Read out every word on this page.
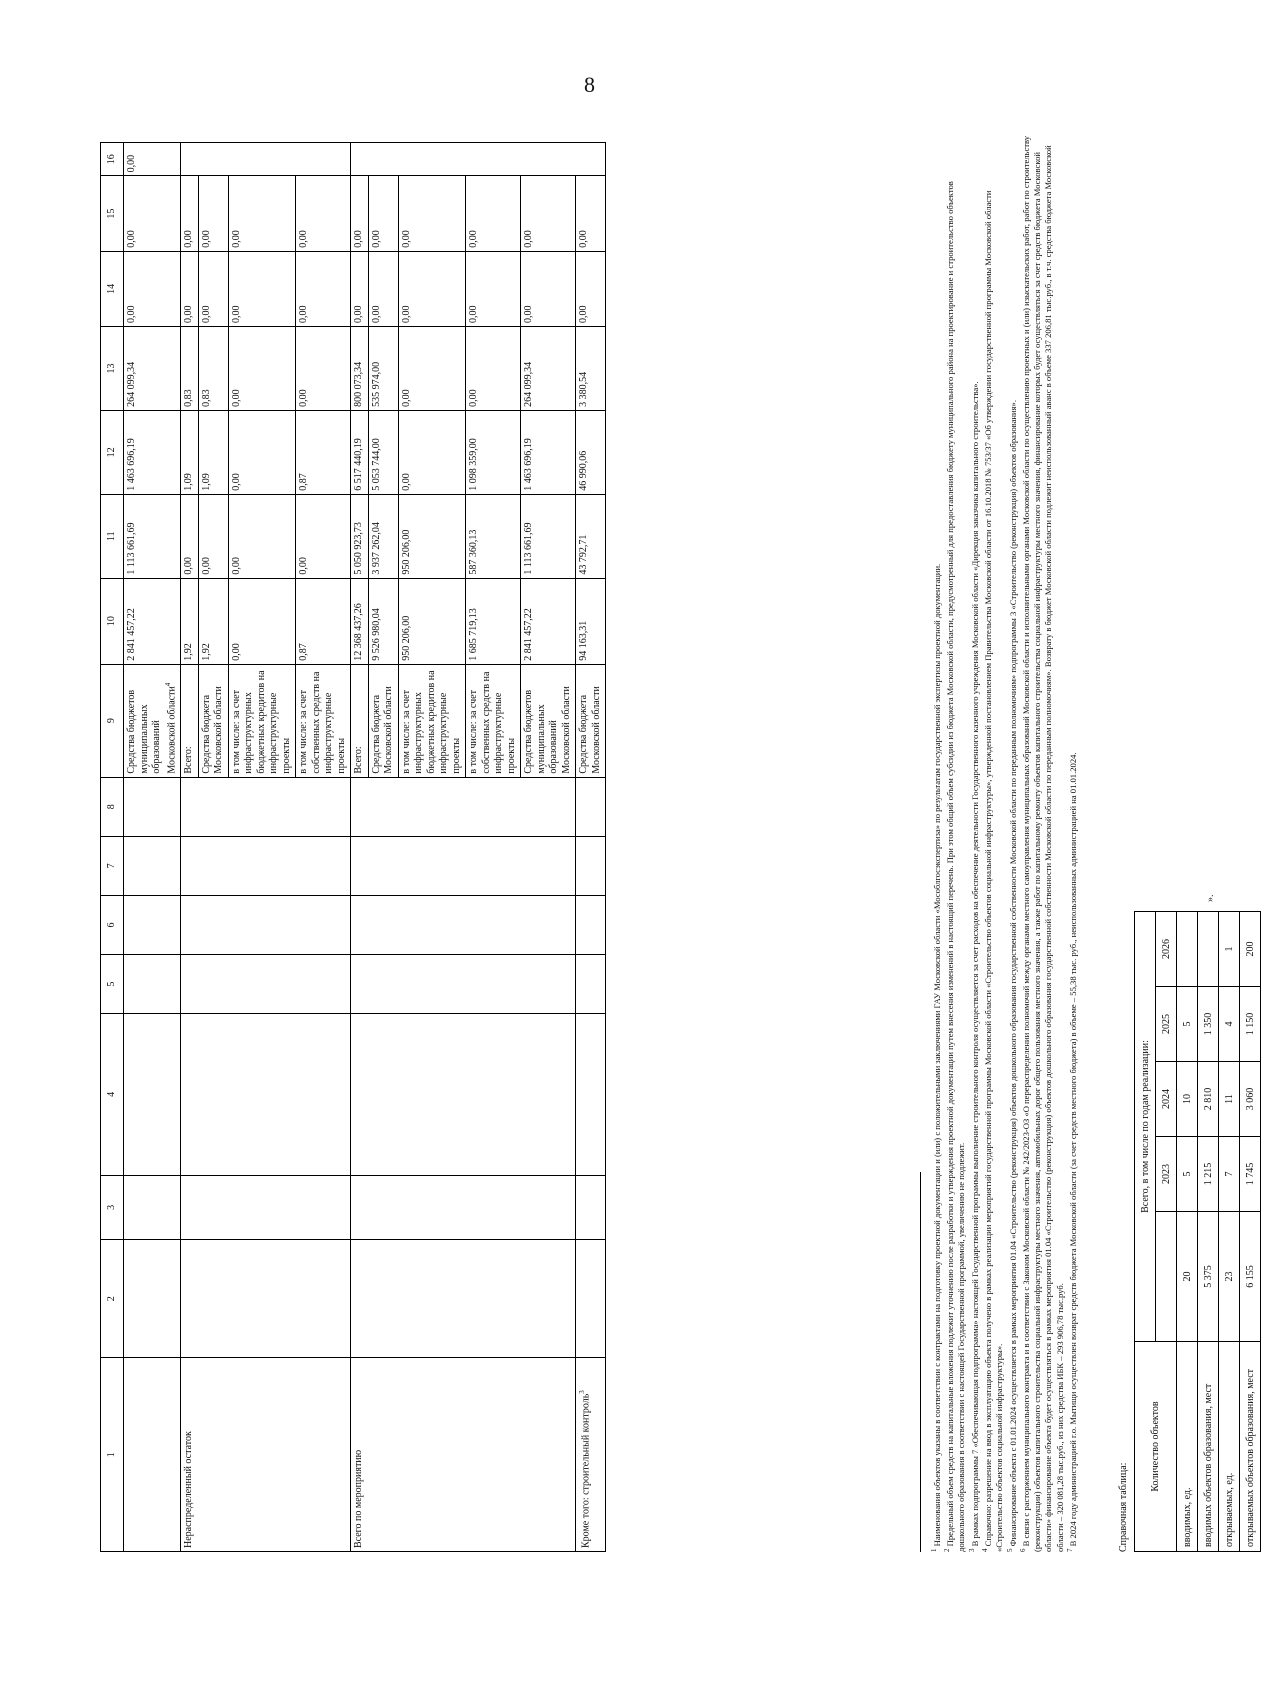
8
1	2	3	4	5	6	7	8	9	10	11	12	13	14	15	16
								Средства бюджетов муниципальных образований Московской области$^4$	2 841 457,22	1 113 661,69	1 463 696,19	264 099,34	0,00	0,00	0,00
Нераспределенный остаток								Всего:	1,92	0,00	1,09	0,83	0,00	0,00	
								Средства бюджета Московской области	1,92	0,00	1,09	0,83	0,00	0,00	
								в том числе: за счет инфраструктурных бюджетных кредитов на инфраструктурные проекты	0,00	0,00	0,00	0,00	0,00	0,00	
								в том числе: за счет собственных средств на инфраструктурные проекты	0,87	0,00	0,87	0,00	0,00	0,00	
Всего по мероприятию								Всего:	12 368 437,26	5 050 923,73	6 517 440,19	800 073,34	0,00	0,00	
								Средства бюджета Московской области	9 526 980,04	3 937 262,04	5 053 744,00	535 974,00	0,00	0,00	
								в том числе: за счет инфраструктурных бюджетных кредитов на инфраструктурные проекты	950 206,00	950 206,00	0,00	0,00	0,00	0,00	
								в том числе: за счет собственных средств на инфраструктурные проекты	1 685 719,13	587 360,13	1 098 359,00	0,00	0,00	0,00	
								Средства бюджетов муниципальных образований Московской области	2 841 457,22	1 113 661,69	1 463 696,19	264 099,34	0,00	0,00	
Кроме того: строительный контроль$^3$								Средства бюджета Московской области	94 163,31	43 792,71	46 990,06	3 380,54	0,00	0,00	

$^1$ Наименования объектов указаны в соответствии с контрактами на подготовку проектной документации и (или) с положительными заключениями ГАУ Московской области «Мособлгосэкспертиза» по результатам государственной экспертизы проектной документации.

$^2$ Предельный объем средств на капитальные вложения подлежит уточнению после разработки и утверждения проектной документации путем внесения изменений в настоящий перечень. При этом общий объем субсидии из бюджета Московской области, предусмотренный для предоставления бюджету муниципального района на проектирование и строительство объектов дошкольного образования в соответствии с настоящей Государственной программой, увеличению не подлежит. $^3$ В рамках подпрограммы 7 «Обеспечивающая подпрограмма» настоящей Государственной программы выполнение строительного контроля осуществляется за счет расходов на обеспечение деятельности Государственного казенного учреждения Московской области «Дирекция заказчика капитального строительства».

$^4$ Справочно: разрешение на ввод в эксплуатацию объекта получено в рамках реализации мероприятий государственной программы Московской области «Строительство объектов социальной инфраструктуры», утвержденной постановлением Правительства Московской области от 16.10.2018 № 753/37 «Об утверждении государственной программы Московской области «Строительство объектов социальной инфраструктуры». $^5$ Финансирование объекта с 01.01.2024 осуществляется в рамках мероприятия 01.04 «Строительство (реконструкция) объектов дошкольного образования государственной собственности Московской области по переданным полномочиям» подпрограммы 3 «Строительство (реконструкция) объектов образования».

$^6$ В связи с расторжением муниципального контракта и в соответствии с Законом Московской области № 242/2023-ОЗ «О перераспределении полномочий между органами местного самоуправления муниципальных образований Московской области и исполнительными органами Московской области по осуществлению проектных и (или) изыскательских работ, работ по строительству (реконструкции) объектов капитального строительства социальной инфраструктуры местного значения, автомобильных дорог общего пользования местного значения, а также работ по капитальному ремонту объектов капитального строительства социальной инфраструктуры местного значения, финансирование которых будет осуществляться за счет средств бюджета Московской области» финансирование объекта будет осуществляться в рамках мероприятия 01.04 «Строительство (реконструкция) объектов дошкольного образования государственной собственности Московской области по переданным полномочиям». Возврату в бюджет Московской области подлежит неиспользованный аванс в объеме 337 206,81 тыс.руб., в т.ч. средства бюджета Московской области – 320 081,28 тыс.руб., из них средства ИБК – 293 906,78 тыс.руб. $^7$ В 2024 году администрацией г.о. Мытищи осуществлен возврат средств бюджета Московской области (за счет средств местного бюджета) в объеме – 55,38 тыс. руб., неиспользованных администрацией на 01.01.2024.	Справочная таблица:
Количество объектов	Всего, в том числе по годам реализации:				
		2023	2024	2025	2026
вводимых, ед.	20	5	10	5	
вводимых объектов образования, мест	5 375	1 215	2 810	1 350	
открываемых, ед.	23	7	11	4	1
открываемых объектов образования, мест	6 155	1 745	3 060	1 150	200
».
